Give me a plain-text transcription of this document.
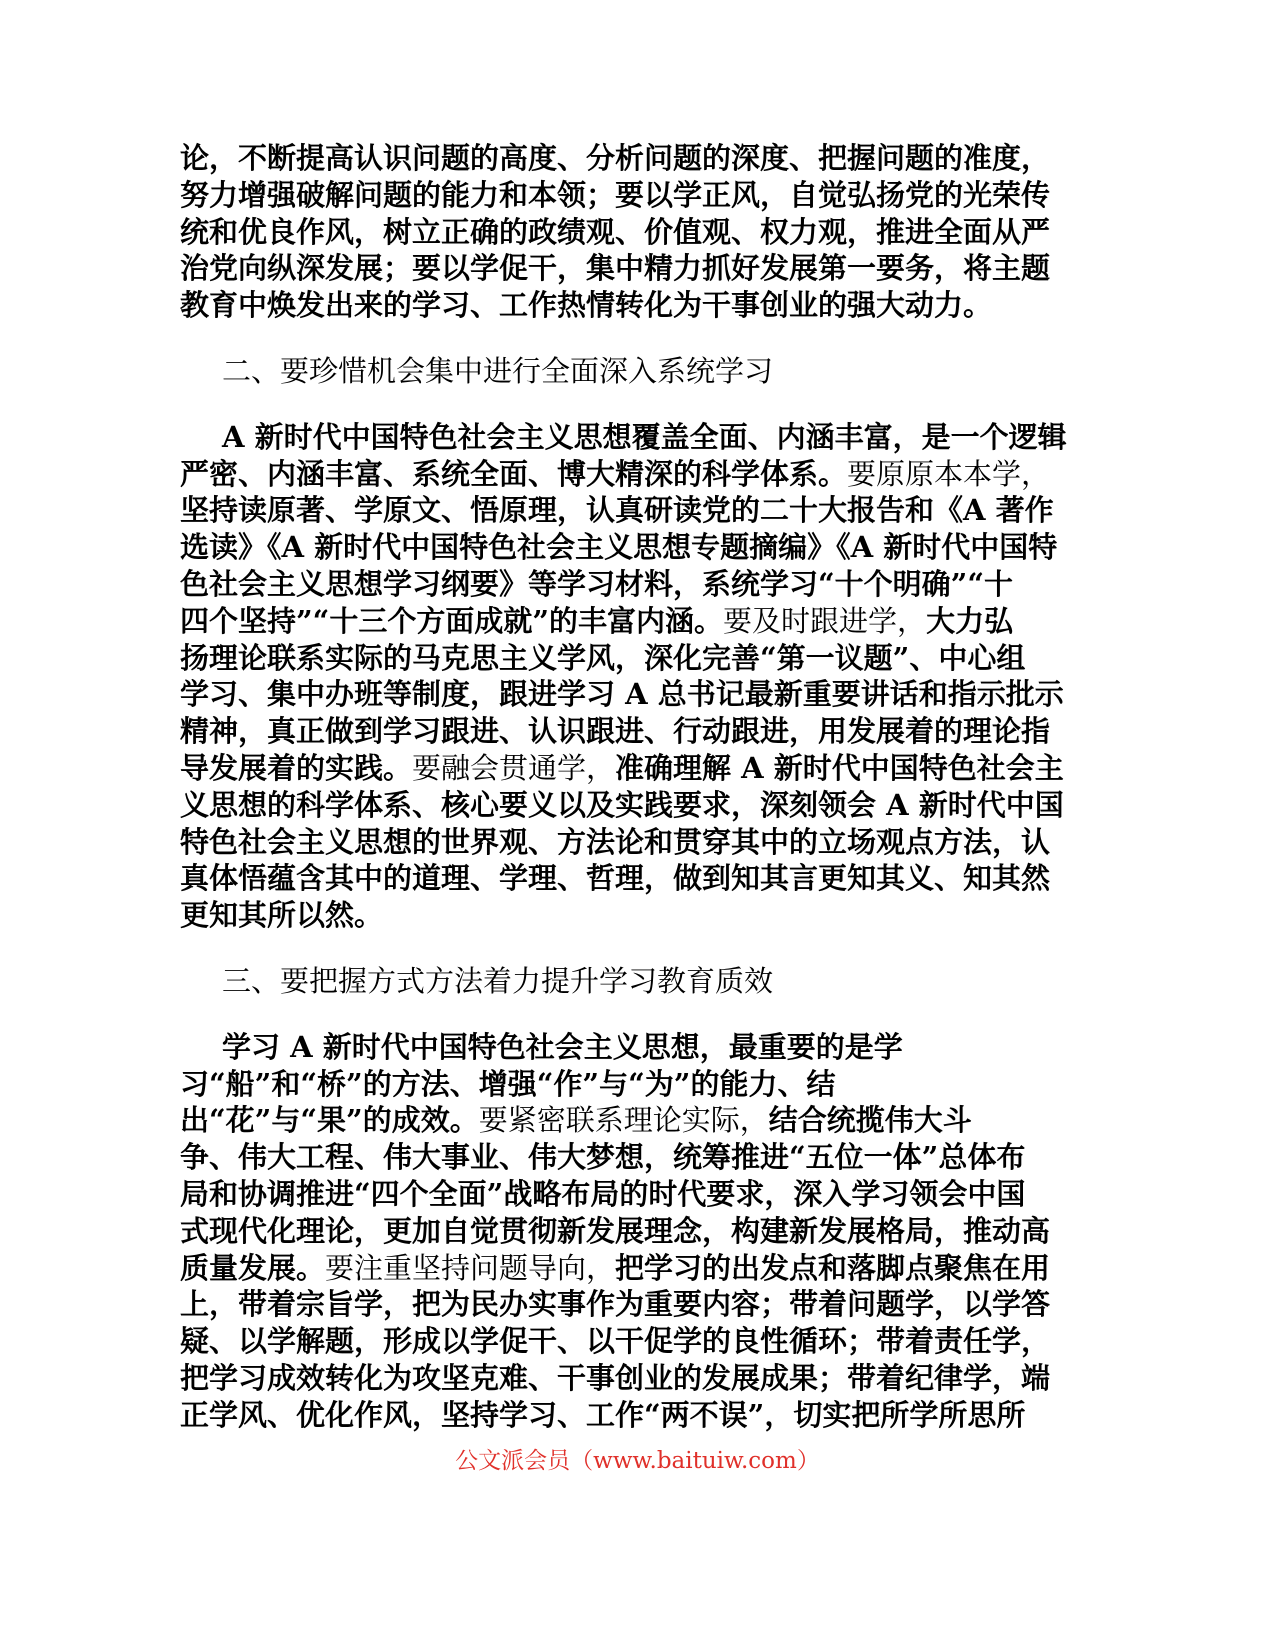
论，不断提高认识问题的高度、分析问题的深度、把握问题的准度，
努力增强破解问题的能力和本领；要以学正风，自觉弘扬党的光荣传
统和优良作风，树立正确的政绩观、价值观、权力观，推进全面从严
治党向纵深发展；要以学促干，集中精力抓好发展第一要务，将主题
教育中焕发出来的学习、工作热情转化为干事创业的强大动力。
二、要珍惜机会集中进行全面深入系统学习
A 新时代中国特色社会主义思想覆盖全面、内涵丰富，是一个逻辑
严密、内涵丰富、系统全面、博大精深的科学体系。要原原本本学，
坚持读原著、学原文、悟原理，认真研读党的二十大报告和《A 著作
选读》《A 新时代中国特色社会主义思想专题摘编》《A 新时代中国特
色社会主义思想学习纲要》等学习材料，系统学习“十个明确”“十
四个坚持”“十三个方面成就”的丰富内涵。要及时跟进学，大力弘
扬理论联系实际的马克思主义学风，深化完善“第一议题”、中心组
学习、集中办班等制度，跟进学习 A 总书记最新重要讲话和指示批示
精神，真正做到学习跟进、认识跟进、行动跟进，用发展着的理论指
导发展着的实践。要融会贯通学，准确理解 A 新时代中国特色社会主
义思想的科学体系、核心要义以及实践要求，深刻领会 A 新时代中国
特色社会主义思想的世界观、方法论和贯穿其中的立场观点方法，认
真体悟蕴含其中的道理、学理、哲理，做到知其言更知其义、知其然
更知其所以然。
三、要把握方式方法着力提升学习教育质效
学习 A 新时代中国特色社会主义思想，最重要的是学
习“船”和“桥”的方法、增强“作”与“为”的能力、结
出“花”与“果”的成效。要紧密联系理论实际，结合统揽伟大斗
争、伟大工程、伟大事业、伟大梦想，统筹推进“五位一体”总体布
局和协调推进“四个全面”战略布局的时代要求，深入学习领会中国
式现代化理论，更加自觉贯彻新发展理念，构建新发展格局，推动高
质量发展。要注重坚持问题导向，把学习的出发点和落脚点聚焦在用
上，带着宗旨学，把为民办实事作为重要内容；带着问题学，以学答
疑、以学解题，形成以学促干、以干促学的良性循环；带着责任学，
把学习成效转化为攻坚克难、干事创业的发展成果；带着纪律学，端
正学风、优化作风，坚持学习、工作“两不误”，切实把所学所思所
公文派会员（www.baituiw.com）
